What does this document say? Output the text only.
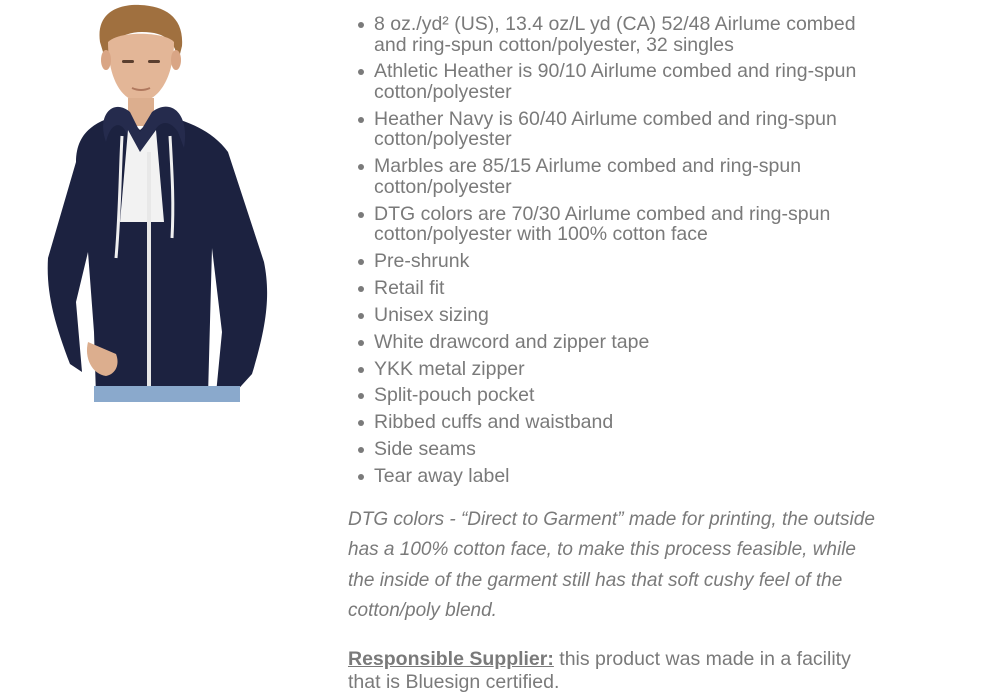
8 oz./yd² (US), 13.4 oz/L yd (CA) 52/48 Airlume combed and ring-spun cotton/polyester, 32 singles
Athletic Heather is 90/10 Airlume combed and ring-spun cotton/polyester
Heather Navy is 60/40 Airlume combed and ring-spun cotton/polyester
Marbles are 85/15 Airlume combed and ring-spun cotton/polyester
DTG colors are 70/30 Airlume combed and ring-spun cotton/polyester with 100% cotton face
Pre-shrunk
Retail fit
Unisex sizing
White drawcord and zipper tape
YKK metal zipper
Split-pouch pocket
Ribbed cuffs and waistband
Side seams
Tear away label

DTG colors - “Direct to Garment” made for printing, the outside has a 100% cotton face, to make this process feasible, while the inside of the garment still has that soft cushy feel of the cotton/poly blend.

Responsible Supplier: this product was made in a facility that is Bluesign certified.
